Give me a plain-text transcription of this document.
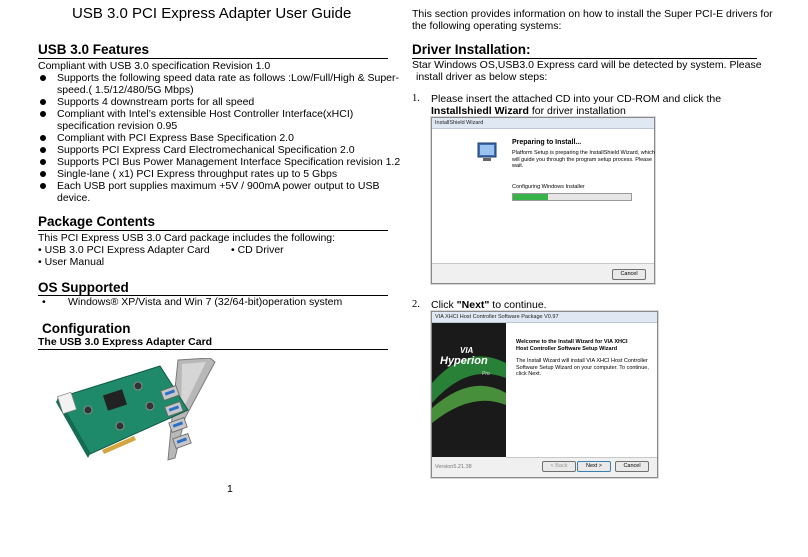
USB 3.0 PCI Express Adapter User Guide
USB 3.0 Features
Compliant with USB 3.0 specification Revision 1.0
Supports the following speed data rate as follows :Low/Full/High & Super-
speed.( 1.5/12/480/5G Mbps)
Supports 4 downstream ports for all speed
Compliant with Intel’s extensible Host Controller Interface(xHCI)
specification revision 0.95
Compliant with PCI Express Base Specification 2.0
Supports PCI Express Card Electromechanical Specification 2.0
Supports PCI Bus Power Management Interface Specification revision 1.2
Single-lane ( x1) PCI Express throughput rates up to 5 Gbps
Each USB port supplies maximum +5V / 900mA power output to USB
device.
Package Contents
This PCI Express USB 3.0 Card package includes the following:
• USB 3.0 PCI Express Adapter Card • CD Driver
• User Manual
OS Supported
• Windows® XP/Vista and Win 7 (32/64-bit)operation system
Configuration
The USB 3.0 Express Adapter Card
1
This section provides information on how to install the Super PCI-E drivers for
the following operating systems:
Driver Installation:
Star Windows OS,USB3.0 Express card will be detected by system. Please
install driver as below steps:
1. Please insert the attached CD into your CD-ROM and click the
Installshiedl Wizard for driver installation
InstallShield Wizard
Preparing to Install...
Platform Setup is preparing the InstallShield Wizard, which
will guide you through the program setup process. Please
wait.
Configuring Windows Installer
Cancel
2. Click "Next" to continue.
VIA XHCI Host Controller Software Package V0.97
VIA
Hyperion
Pro
Welcome to the Install Wizard for VIA XHCI
Host Controller Software Setup Wizard
The Install Wizard will install VIA XHCI Host Controller
Software Setup Wizard on your computer. To continue,
click Next.
Version5.21.38	< Back	Next >	Cancel
